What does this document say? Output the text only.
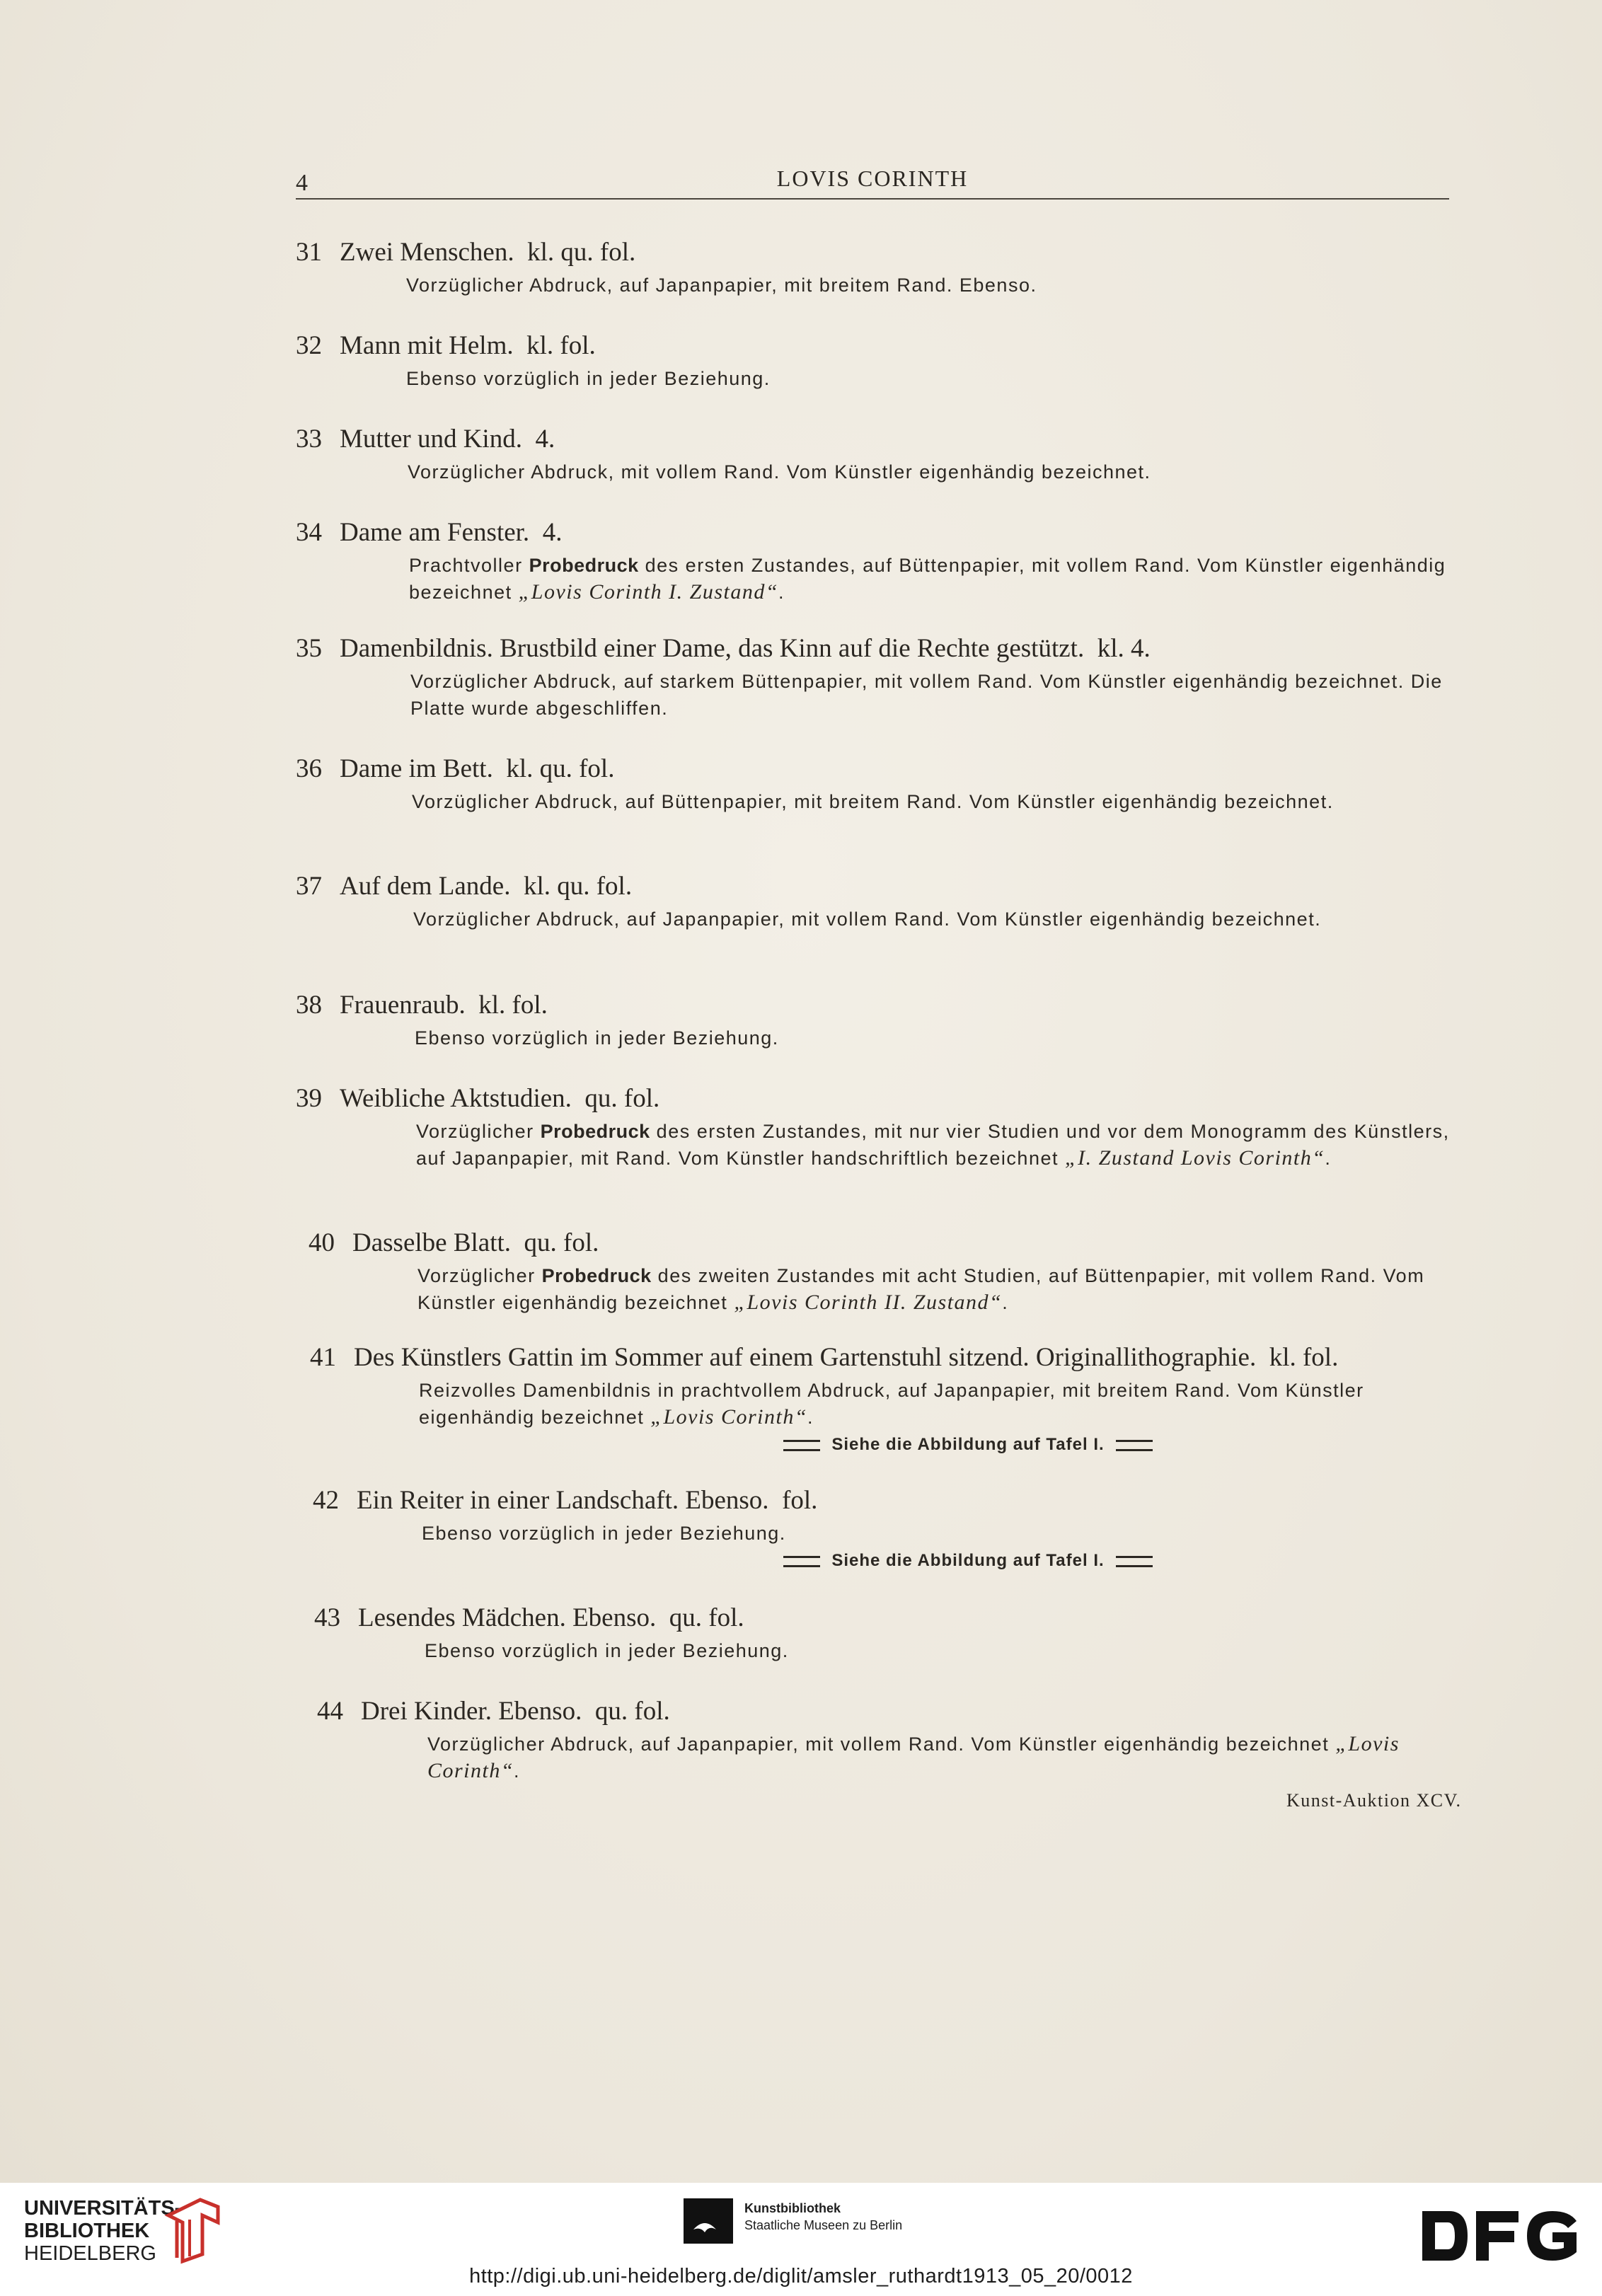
4	LOVIS CORINTH
31 Zwei Menschen. kl. qu. fol.
Vorzüglicher Abdruck, auf Japanpapier, mit breitem Rand. Ebenso.
32 Mann mit Helm. kl. fol.
Ebenso vorzüglich in jeder Beziehung.
33 Mutter und Kind. 4.
Vorzüglicher Abdruck, mit vollem Rand. Vom Künstler eigenhändig bezeichnet.
34 Dame am Fenster. 4.
Prachtvoller Probedruck des ersten Zustandes, auf Büttenpapier, mit vollem Rand. Vom Künstler eigenhändig bezeichnet „Lovis Corinth I. Zustand“.
35 Damenbildnis. Brustbild einer Dame, das Kinn auf die Rechte gestützt. kl. 4.
Vorzüglicher Abdruck, auf starkem Büttenpapier, mit vollem Rand. Vom Künstler eigenhändig bezeichnet. Die Platte wurde abgeschliffen.
36 Dame im Bett. kl. qu. fol.
Vorzüglicher Abdruck, auf Büttenpapier, mit breitem Rand. Vom Künstler eigenhändig bezeichnet.
37 Auf dem Lande. kl. qu. fol.
Vorzüglicher Abdruck, auf Japanpapier, mit vollem Rand. Vom Künstler eigenhändig bezeichnet.
38 Frauenraub. kl. fol.
Ebenso vorzüglich in jeder Beziehung.
39 Weibliche Aktstudien. qu. fol.
Vorzüglicher Probedruck des ersten Zustandes, mit nur vier Studien und vor dem Monogramm des Künstlers, auf Japanpapier, mit Rand. Vom Künstler handschriftlich bezeichnet „I. Zustand Lovis Corinth“.
40 Dasselbe Blatt. qu. fol.
Vorzüglicher Probedruck des zweiten Zustandes mit acht Studien, auf Büttenpapier, mit vollem Rand. Vom Künstler eigenhändig bezeichnet „Lovis Corinth II. Zustand“.
41 Des Künstlers Gattin im Sommer auf einem Gartenstuhl sitzend. Originallithographie. kl. fol.
Reizvolles Damenbildnis in prachtvollem Abdruck, auf Japanpapier, mit breitem Rand. Vom Künstler eigenhändig bezeichnet „Lovis Corinth“.
Siehe die Abbildung auf Tafel I.
42 Ein Reiter in einer Landschaft. Ebenso. fol.
Ebenso vorzüglich in jeder Beziehung.
Siehe die Abbildung auf Tafel I.
43 Lesendes Mädchen. Ebenso. qu. fol.
Ebenso vorzüglich in jeder Beziehung.
44 Drei Kinder. Ebenso. qu. fol.
Vorzüglicher Abdruck, auf Japanpapier, mit vollem Rand. Vom Künstler eigenhändig bezeichnet „Lovis Corinth“.
Kunst-Auktion XCV.
UNIVERSITÄTS-
BIBLIOTHEK
HEIDELBERG
Kunstbibliothek
Staatliche Museen zu Berlin
http://digi.ub.uni-heidelberg.de/diglit/amsler_ruthardt1913_05_20/0012
